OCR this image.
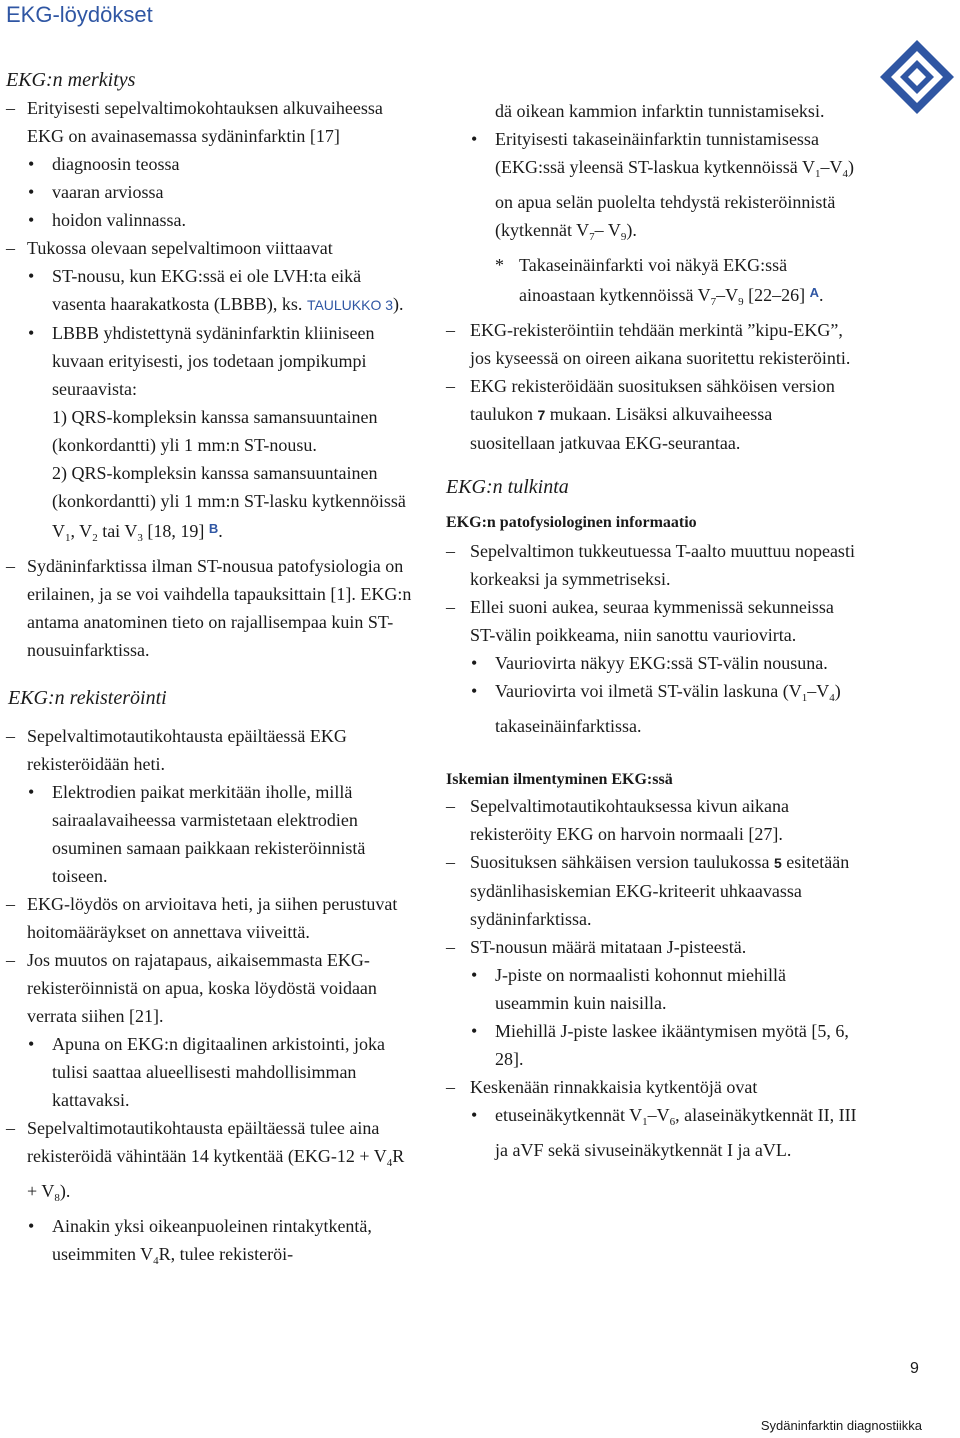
EKG-löydökset
EKG:n merkitys
– Erityisesti sepelvaltimokohtauksen alkuvaiheessa EKG on avainasemassa sydäninfarktin [17]
• diagnoosin teossa
• vaaran arviossa
• hoidon valinnassa.
– Tukossa olevaan sepelvaltimoon viittaavat
• ST-nousu, kun EKG:ssä ei ole LVH:ta eikä vasenta haarakatkosta (LBBB), ks. TAULUKKO 3).
• LBBB yhdistettynä sydäninfarktin kliiniseen kuvaan erityisesti, jos todetaan jompikumpi seuraavista:
1) QRS-kompleksin kanssa samansuuntainen (konkordantti) yli 1 mm:n ST-nousu.
2) QRS-kompleksin kanssa samansuuntainen (konkordantti) yli 1 mm:n ST-lasku kytkennöissä $V_1$, $V_2$ tai $V_3$ [18, 19] $^B$.
– Sydäninfarktissa ilman ST-nousua patofysiologia on erilainen, ja se voi vaihdella tapauksittain [1]. EKG:n antama anatominen tieto on rajallisempaa kuin ST-nousuinfarktissa.
EKG:n rekisteröinti
– Sepelvaltimotautikohtausta epäiltäessä EKG rekisteröidään heti.
• Elektrodien paikat merkitään iholle, millä sairaalavaiheessa varmistetaan elektrodien osuminen samaan paikkaan rekisteröinnistä toiseen.
– EKG-löydös on arvioitava heti, ja siihen perustuvat hoitomääräykset on annettava viiveittä.
– Jos muutos on rajatapaus, aikaisemmasta EKG-rekisteröinnistä on apua, koska löydöstä voidaan verrata siihen [21].
• Apuna on EKG:n digitaalinen arkistointi, joka tulisi saattaa alueellisesti mahdollisimman kattavaksi.
– Sepelvaltimotautikohtausta epäiltäessä tulee aina rekisteröidä vähintään 14 kytkentää $(EKG-12 + V_4R + V_8)$.
• Ainakin yksi oikeanpuoleinen rintakytkentä, useimmiten $V_4R$, tulee rekisteröi-
dä oikean kammion infarktin tunnistamiseksi.
• Erityisesti takaseinäinfarktin tunnistamisessa (EKG:ssä yleensä ST-laskua kytkennöissä $V_1-V_4$) on apua selän puolelta tehdystä rekisteröinnistä (kytkennät $V_7-$ $V_9$).
* Takaseinäinfarkti voi näkyä EKG:ssä ainoastaan kytkennöissä $V_7-V_9$ [22–26] $^A$.
– EKG-rekisteröintiin tehdään merkintä ”kipu-EKG”, jos kyseessä on oireen aikana suoritettu rekisteröinti.
– EKG rekisteröidään suosituksen sähköisen version taulukon 7 mukaan. Lisäksi alkuvaiheessa suositellaan jatkuvaa EKG-seurantaa.
EKG:n tulkinta
EKG:n patofysiologinen informaatio
– Sepelvaltimon tukkeutuessa T-aalto muuttuu nopeasti korkeaksi ja symmetriseksi.
– Ellei suoni aukea, seuraa kymmenissä sekunneissa ST-välin poikkeama, niin sanottu vauriovirta.
• Vauriovirta näkyy EKG:ssä ST-välin nousuna.
• Vauriovirta voi ilmetä ST-välin laskuna $(V_1-V_4)$ takaseinäinfarktissa.
Iskemian ilmentyminen EKG:ssä
– Sepelvaltimotautikohtauksessa kivun aikana rekisteröity EKG on harvoin normaali [27].
– Suosituksen sähkäisen version taulukossa 5 esitetään sydänlihasiskemian EKG-kriteerit uhkaavassa sydäninfarktissa.
– ST-nousun määrä mitataan J-pisteestä.
• J-piste on normaalisti kohonnut miehillä useammin kuin naisilla.
• Miehillä J-piste laskee ikääntymisen myötä [5, 6, 28].
– Keskenään rinnakkaisia kytkentöjä ovat
• etuseinäkytkennät $V_1-V_6$, alaseinäkytkennät II, III ja aVF sekä sivuseinäkytkennät I ja aVL.
9
Sydäninfarktin diagnostiikka
